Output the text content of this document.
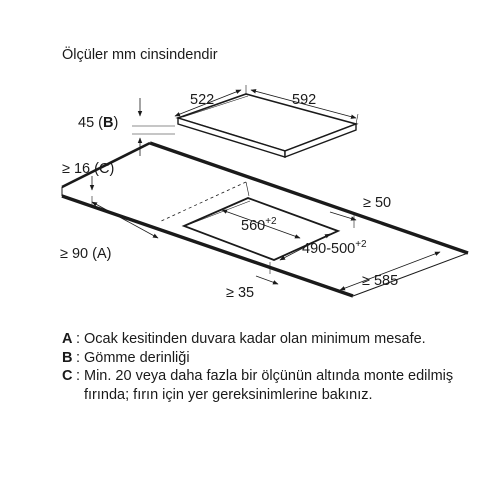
Ölçüler mm cinsindendir
522	592
45 (B)
$560^{+2}$
$490-500^{+2}$
≥ 90 (A)
≥ 16 (C)
≥ 50
≥ 585
≥ 35
A : Ocak kesitinden duvara kadar olan minimum mesafe.
B : Gömme derinliği
C : Min. 20 veya daha fazla bir ölçünün altında monte edilmiş fırında; fırın için yer gereksinimlerine bakınız.
